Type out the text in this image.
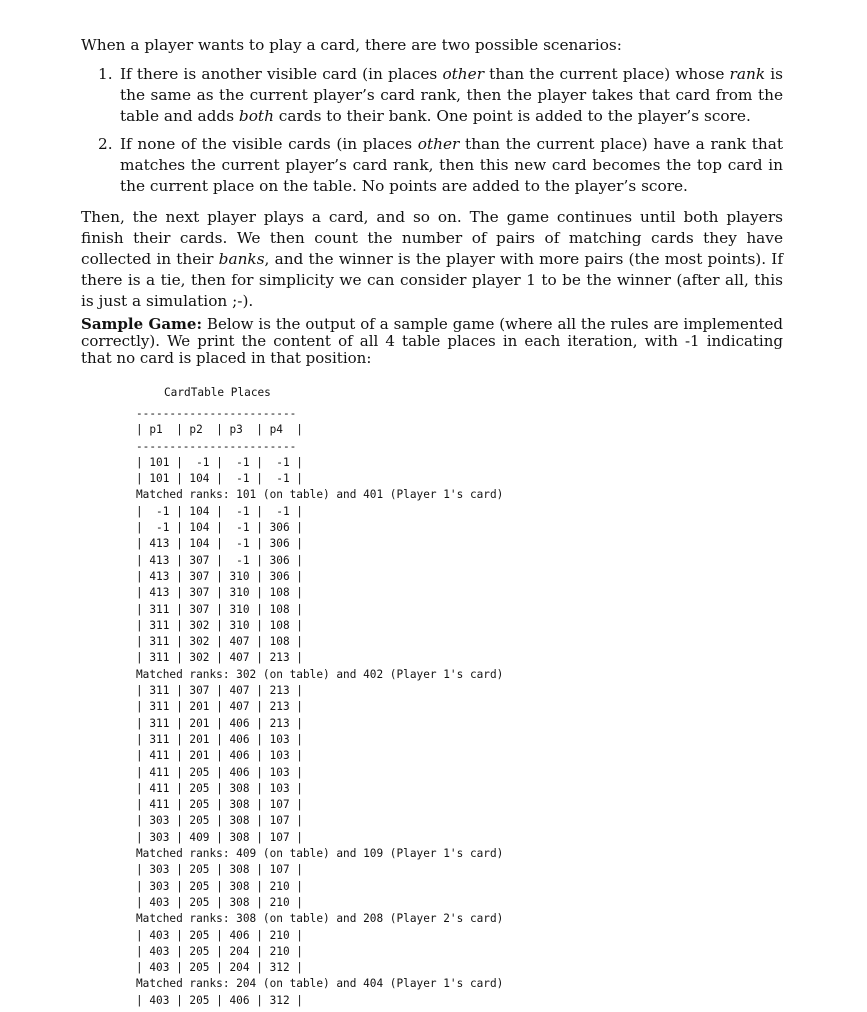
When a player wants to play a card, there are two possible scenarios:

1. If there is another visible card (in places other than the current place) whose rank is the same as the current player’s card rank, then the player takes that card from the table and adds both cards to their bank. One point is added to the player’s score.
2. If none of the visible cards (in places other than the current place) have a rank that matches the current player’s card rank, then this new card becomes the top card in the current place on the table. No points are added to the player’s score.

Then, the next player plays a card, and so on. The game continues until both players finish their cards. We then count the number of pairs of matching cards they have collected in their banks, and the winner is the player with more pairs (the most points). If there is a tie, then for simplicity we can consider player 1 to be the winner (after all, this is just a simulation ;-).

Sample Game: Below is the output of a sample game (where all the rules are implemented correctly). We print the content of all 4 table places in each iteration, with -1 indicating that no card is placed in that position:

CardTable Places
------------------------
| p1  | p2  | p3  | p4  |
------------------------
| 101 |  -1 |  -1 |  -1 |
| 101 | 104 |  -1 |  -1 |
Matched ranks: 101 (on table) and 401 (Player 1's card)
|  -1 | 104 |  -1 |  -1 |
|  -1 | 104 |  -1 | 306 |
| 413 | 104 |  -1 | 306 |
| 413 | 307 |  -1 | 306 |
| 413 | 307 | 310 | 306 |
| 413 | 307 | 310 | 108 |
| 311 | 307 | 310 | 108 |
| 311 | 302 | 310 | 108 |
| 311 | 302 | 407 | 108 |
| 311 | 302 | 407 | 213 |
Matched ranks: 302 (on table) and 402 (Player 1's card)
| 311 | 307 | 407 | 213 |
| 311 | 201 | 407 | 213 |
| 311 | 201 | 406 | 213 |
| 311 | 201 | 406 | 103 |
| 411 | 201 | 406 | 103 |
| 411 | 205 | 406 | 103 |
| 411 | 205 | 308 | 103 |
| 411 | 205 | 308 | 107 |
| 303 | 205 | 308 | 107 |
| 303 | 409 | 308 | 107 |
Matched ranks: 409 (on table) and 109 (Player 1's card)
| 303 | 205 | 308 | 107 |
| 303 | 205 | 308 | 210 |
| 403 | 205 | 308 | 210 |
Matched ranks: 308 (on table) and 208 (Player 2's card)
| 403 | 205 | 406 | 210 |
| 403 | 205 | 204 | 210 |
| 403 | 205 | 204 | 312 |
Matched ranks: 204 (on table) and 404 (Player 1's card)
| 403 | 205 | 406 | 312 |
